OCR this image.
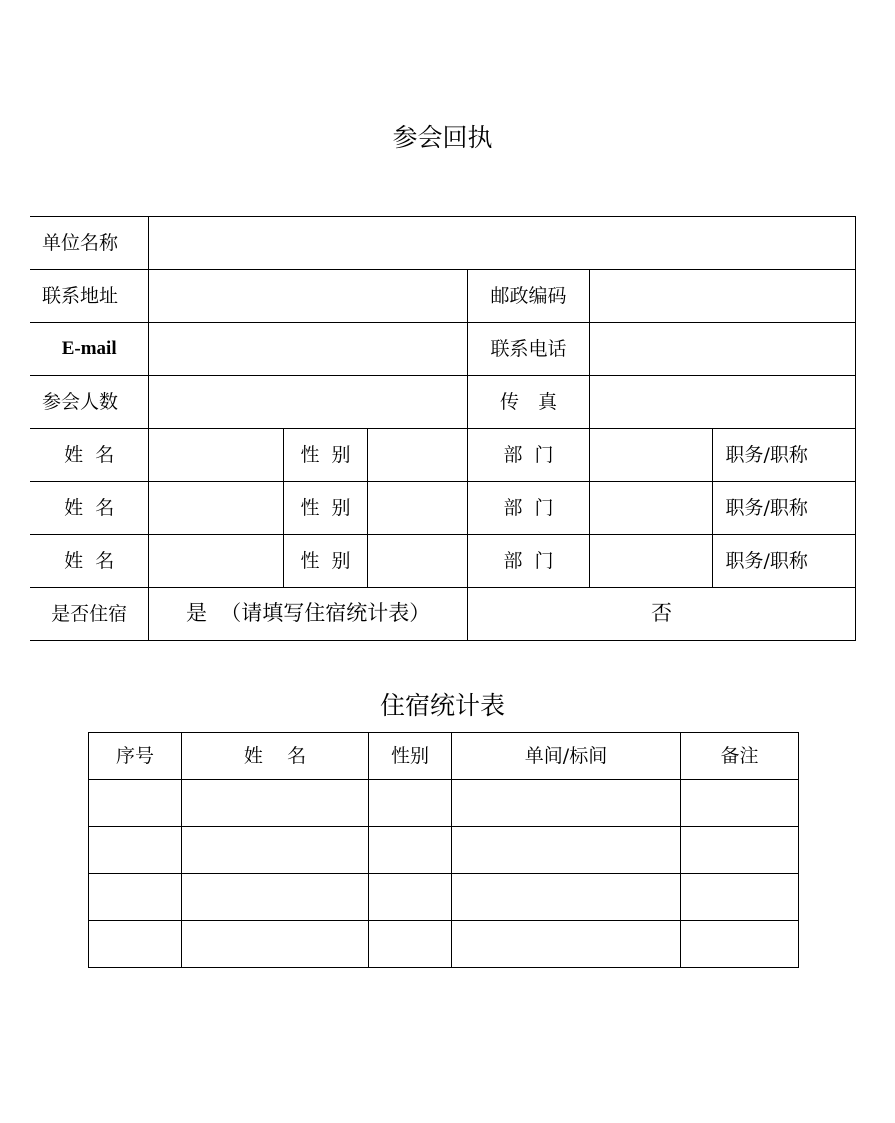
参会回执
单位名称						
联系地址				邮政编码		
E-mail				联系电话		
参会人数				传　真		
姓  名		性  别		部  门		职务/职称
姓  名		性  别		部  门		职务/职称
姓  名		性  别		部  门		职务/职称
是否住宿	是  （请填写住宿统计表）			否		
住宿统计表
序号	姓    名	性别	单间/标间	备注
